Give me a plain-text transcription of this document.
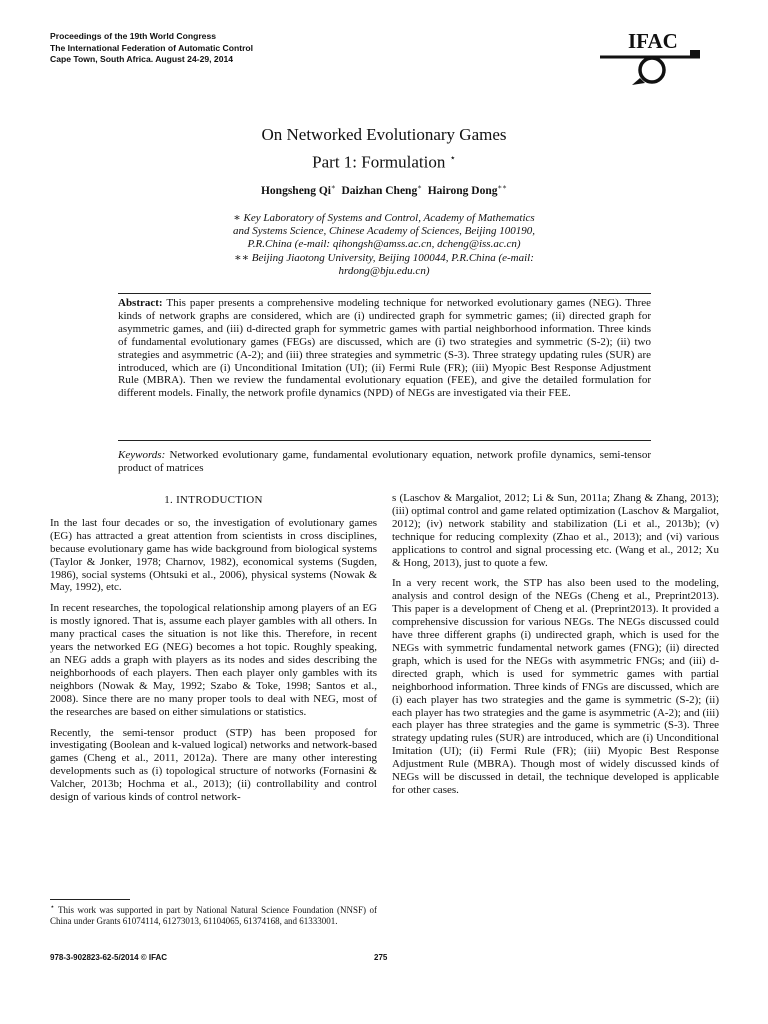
Proceedings of the 19th World Congress
The International Federation of Automatic Control
Cape Town, South Africa. August 24-29, 2014
IFAC
On Networked Evolutionary Games
Part 1: Formulation ⋆
Hongsheng Qi∗ Daizhan Cheng∗ Hairong Dong∗∗
∗ Key Laboratory of Systems and Control, Academy of Mathematics
and Systems Science, Chinese Academy of Sciences, Beijing 100190,
P.R.China (e-mail: qihongsh@amss.ac.cn, dcheng@iss.ac.cn)
∗∗ Beijing Jiaotong University, Beijing 100044, P.R.China (e-mail:
hrdong@bju.edu.cn)
Abstract: This paper presents a comprehensive modeling technique for networked evolutionary games (NEG). Three kinds of network graphs are considered, which are (i) undirected graph for symmetric games; (ii) directed graph for asymmetric games, and (iii) d-directed graph for symmetric games with partial neighborhood information. Three kinds of fundamental evolutionary games (FEGs) are discussed, which are (i) two strategies and symmetric (S-2); (ii) two strategies and asymmetric (A-2); and (iii) three strategies and symmetric (S-3). Three strategy updating rules (SUR) are introduced, which are (i) Unconditional Imitation (UI); (ii) Fermi Rule (FR); (iii) Myopic Best Response Adjustment Rule (MBRA). Then we review the fundamental evolutionary equation (FEE), and give the detailed formulation for different models. Finally, the network profile dynamics (NPD) of NEGs are investigated via their FEE.
Keywords: Networked evolutionary game, fundamental evolutionary equation, network profile dynamics, semi-tensor product of matrices
1. INTRODUCTION

In the last four decades or so, the investigation of evolutionary games (EG) has attracted a great attention from scientists in cross disciplines, because evolutionary game has wide background from biological systems (Taylor & Jonker, 1978; Charnov, 1982), economical systems (Sugden, 1986), social systems (Ohtsuki et al., 2006), physical systems (Nowak & May, 1992), etc.

In recent researches, the topological relationship among players of an EG is mostly ignored. That is, assume each player gambles with all others. In many practical cases the situation is not like this. Therefore, in recent years the networked EG (NEG) becomes a hot topic. Roughly speaking, an NEG adds a graph with players as its nodes and sides describing the neighborhoods of each players. Then each player only gambles with its neighbors (Nowak & May, 1992; Szabo & Toke, 1998; Santos et al., 2008). Since there are no many proper tools to deal with NEG, most of the researches are based on either simulations or statistics.

Recently, the semi-tensor product (STP) has been proposed for investigating (Boolean and k-valued logical) networks and network-based games (Cheng et al., 2011, 2012a). There are many other interesting developments such as (i) topological structure of notworks (Fornasini & Valcher, 2013b; Hochma et al., 2013); (ii) controllability and control design of various kinds of control network-

s (Laschov & Margaliot, 2012; Li & Sun, 2011a; Zhang & Zhang, 2013); (iii) optimal control and game related optimization (Laschov & Margaliot, 2012); (iv) network stability and stabilization (Li et al., 2013b); (v) technique for reducing complexity (Zhao et al., 2013); and (vi) various applications to control and signal processing etc. (Wang et al., 2012; Xu & Hong, 2013), just to quote a few.

In a very recent work, the STP has also been used to the modeling, analysis and control design of the NEGs (Cheng et al., Preprint2013). This paper is a development of Cheng et al. (Preprint2013). It provided a comprehensive discussion for various NEGs. The NEGs discussed could have three different graphs (i) undirected graph, which is used for the NEGs with symmetric fundamental network games (FNG); (ii) directed graph, which is used for the NEGs with asymmetric FNGs; and (iii) d-directed graph, which is used for symmetric games with partial neighborhood information. Three kinds of FNGs are discussed, which are (i) each player has two strategies and the game is symmetric (S-2); (ii) each player has two strategies and the game is asymmetric (A-2); and (iii) each player has three strategies and the game is symmetric (S-3). Three strategy updating rules (SUR) are introduced, which are (i) Unconditional Imitation (UI); (ii) Fermi Rule (FR); (iii) Myopic Best Response Adjustment Rule (MBRA). Though most of widely discussed kinds of NEGs will be discussed in detail, the technique developed is applicable for other cases.

⋆ This work was supported in part by National Natural Science Foundation (NNSF) of China under Grants 61074114, 61273013, 61104065, 61374168, and 61333001.
978-3-902823-62-5/2014 © IFAC	275
